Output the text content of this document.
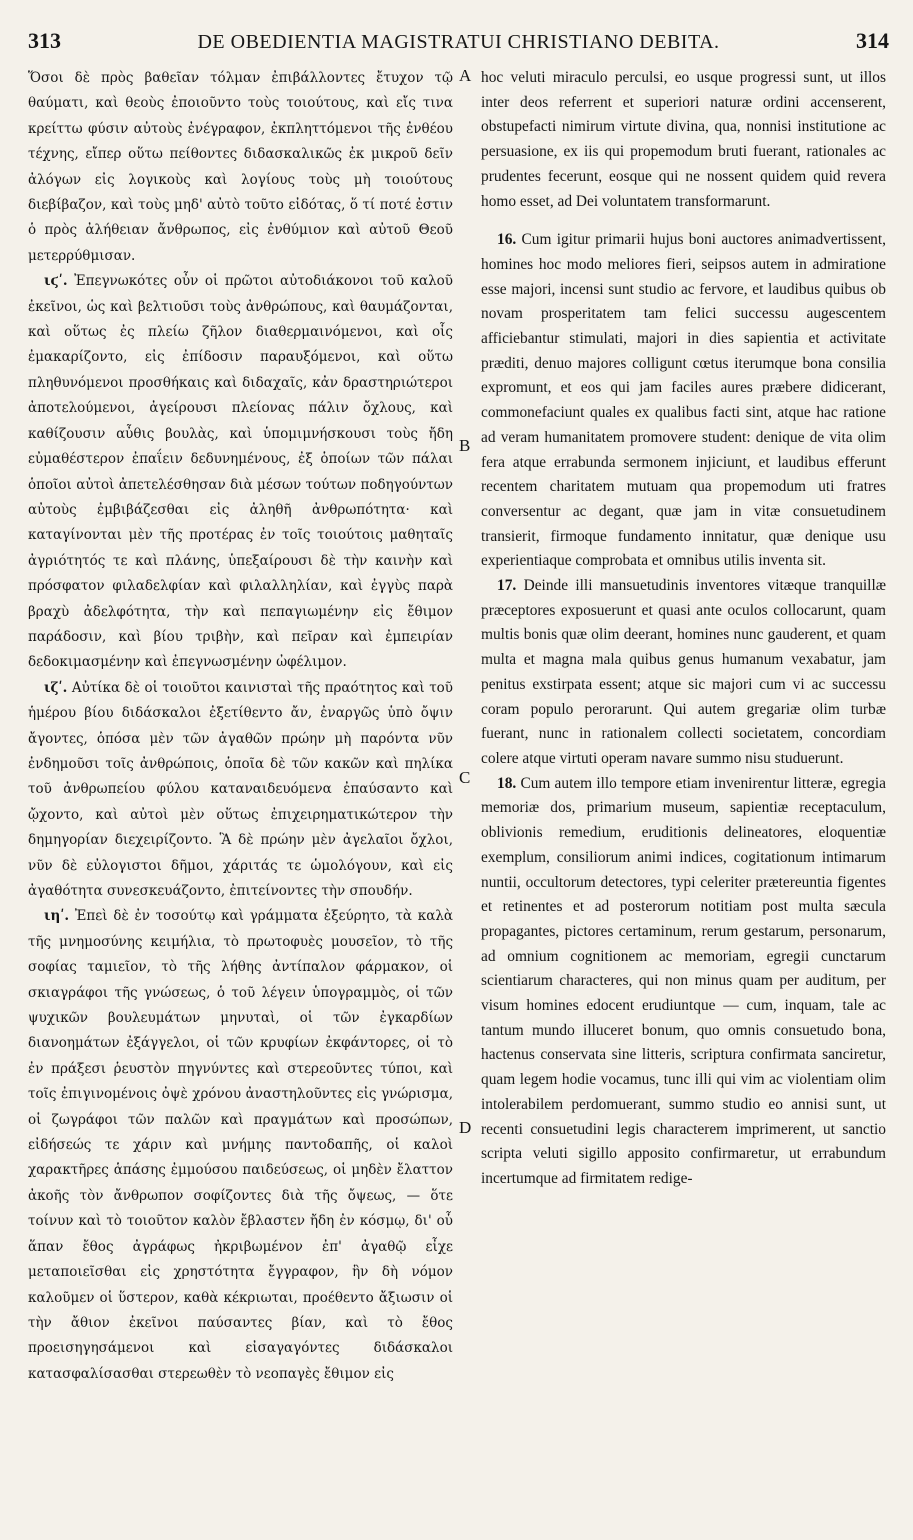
313	DE OBEDIENTIA MAGISTRATUI CHRISTIANO DEBITA.	314

Ὅσοι δὲ πρὸς βαθεῖαν τόλμαν ἐπιβάλλοντες ἔτυχον τῷ θαύματι, καὶ θεοὺς ἐποιοῦντο τοὺς τοιούτους, καὶ εἴς τινα κρείττω φύσιν αὐτοὺς ἐνέγραφον, ἐκπληττόμενοι τῆς ἐνθέου τέχνης, εἴπερ οὕτω πείθοντες διδασκαλικῶς ἐκ μικροῦ δεῖν ἀλόγων εἰς λογικοὺς καὶ λογίους τοὺς μὴ τοιούτους διεβίβαζον, καὶ τοὺς μηδ' αὐτὸ τοῦτο εἰδότας, ὅ τί ποτέ ἐστιν ὁ πρὸς ἀλήθειαν ἄνθρωπος, εἰς ἐνθύμιον καὶ αὐτοῦ Θεοῦ μετερρύθμισαν.

ιϛʹ. Ἐπεγνωκότες οὖν οἱ πρῶτοι αὐτοδιάκονοι τοῦ καλοῦ ἐκεῖνοι, ὡς καὶ βελτιοῦσι τοὺς ἀνθρώπους, καὶ θαυμάζονται, καὶ οὕτως ἐς πλείω ζῆλον διαθερμαινόμενοι, καὶ οἷς ἐμακαρίζοντο, εἰς ἐπίδοσιν παραυξόμενοι, καὶ οὕτω πληθυνόμενοι προσθήκαις καὶ διδαχαῖς, κἀν δραστηριώτεροι ἀποτελούμενοι, ἀγείρουσι πλείονας πάλιν ὄχλους, καὶ καθίζουσιν αὖθις βουλὰς, καὶ ὑπομιμνήσκουσι τοὺς ἤδη εὐμαθέστερον ἐπαΐειν δεδυνημένους, ἐξ ὁποίων τῶν πάλαι ὁποῖοι αὐτοὶ ἀπετελέσθησαν διὰ μέσων τούτων ποδηγούντων αὐτοὺς ἐμβιβάζεσθαι εἰς ἀληθῆ ἀνθρωπότητα· καὶ καταγίνονται μὲν τῆς προτέρας ἐν τοῖς τοιούτοις μαθηταῖς ἀγριότητός τε καὶ πλάνης, ὑπεξαίρουσι δὲ τὴν καινὴν καὶ πρόσφατον φιλαδελφίαν καὶ φιλαλληλίαν, καὶ ἐγγὺς παρὰ βραχὺ ἀδελφότητα, τὴν καὶ πεπαγιωμένην εἰς ἔθιμον παράδοσιν, καὶ βίου τριβὴν, καὶ πεῖραν καὶ ἐμπειρίαν δεδοκιμασμένην καὶ ἐπεγνωσμένην ὠφέλιμον.

ιζʹ. Αὐτίκα δὲ οἱ τοιοῦτοι καινισταὶ τῆς πραότητος καὶ τοῦ ἡμέρου βίου διδάσκαλοι ἐξετίθεντο ἄν, ἐναργῶς ὑπὸ ὄψιν ἄγοντες, ὁπόσα μὲν τῶν ἀγαθῶν πρώην μὴ παρόντα νῦν ἐνδημοῦσι τοῖς ἀνθρώποις, ὁποῖα δὲ τῶν κακῶν καὶ πηλίκα τοῦ ἀνθρωπείου φύλου καταναιδευόμενα ἐπαύσαντο καὶ ᾤχοντο, καὶ αὐτοὶ μὲν οὕτως ἐπιχειρηματικώτερον τὴν δημηγορίαν διεχειρίζοντο. Ἃ δὲ πρώην μὲν ἀγελαῖοι ὄχλοι, νῦν δὲ εὐλογιστοι δῆμοι, χάριτάς τε ὡμολόγουν, καὶ εἰς ἀγαθότητα συνεσκευάζοντο, ἐπιτείνοντες τὴν σπουδήν.

ιηʹ. Ἐπεὶ δὲ ἐν τοσούτῳ καὶ γράμματα ἐξεύρητο, τὰ καλὰ τῆς μνημοσύνης κειμήλια, τὸ πρωτοφυὲς μουσεῖον, τὸ τῆς σοφίας ταμιεῖον, τὸ τῆς λήθης ἀντίπαλον φάρμακον, οἱ σκιαγράφοι τῆς γνώσεως, ὁ τοῦ λέγειν ὑπογραμμὸς, οἱ τῶν ψυχικῶν βουλευμάτων μηνυταὶ, οἱ τῶν ἐγκαρδίων διανοημάτων ἐξάγγελοι, οἱ τῶν κρυφίων ἐκφάντορες, οἱ τὸ ἐν πράξεσι ῥευστὸν πηγνύντες καὶ στερεοῦντες τύποι, καὶ τοῖς ἐπιγινομένοις ὀψὲ χρόνου ἀναστηλοῦντες εἰς γνώρισμα, οἱ ζωγράφοι τῶν παλῶν καὶ πραγμάτων καὶ προσώπων, εἰδήσεώς τε χάριν καὶ μνήμης παντοδαπῆς, οἱ καλοὶ χαρακτῆρες ἁπάσης ἐμμούσου παιδεύσεως, οἱ μηδὲν ἔλαττον ἀκοῆς τὸν ἄνθρωπον σοφίζοντες διὰ τῆς ὄψεως, — ὅτε τοίνυν καὶ τὸ τοιοῦτον καλὸν ἔβλαστεν ἤδη ἐν κόσμῳ, δι' οὗ ἅπαν ἔθος ἀγράφως ἠκριβωμένον ἐπ' ἀγαθῷ εἶχε μεταποιεῖσθαι εἰς χρηστότητα ἔγγραφον, ἣν δὴ νόμον καλοῦμεν οἱ ὕστερον, καθὰ κέκριωται, προέθεντο ἄξιωσιν οἱ τὴν ἄθιον ἐκεῖνοι παύσαντες βίαν, καὶ τὸ ἔθος προεισηγησάμενοι καὶ εἰσαγαγόντες διδάσκαλοι κατασφαλίσασθαι στερεωθὲν τὸ νεοπαγὲς ἔθιμον εἰς

A
B
C
D

hoc veluti miraculo perculsi, eo usque progressi sunt, ut illos inter deos referrent et superiori naturæ ordini accenserent, obstupefacti nimirum virtute divina, qua, nonnisi institutione ac persuasione, ex iis qui propemodum bruti fuerant, rationales ac prudentes fecerunt, eosque qui ne nossent quidem quid revera homo esset, ad Dei voluntatem transformarunt.

16. Cum igitur primarii hujus boni auctores animadvertissent, homines hoc modo meliores fieri, seipsos autem in admiratione esse majori, incensi sunt studio ac fervore, et laudibus quibus ob novam prosperitatem tam felici successu augescentem afficiebantur stimulati, majori in dies sapientia et activitate præditi, denuo majores colligunt cœtus iterumque bona consilia expromunt, et eos qui jam faciles aures præbere didicerant, commonefaciunt quales ex qualibus facti sint, atque hac ratione ad veram humanitatem promovere student: denique de vita olim fera atque errabunda sermonem injiciunt, et laudibus efferunt recentem charitatem mutuam qua propemodum uti fratres conversentur ac degant, quæ jam in vitæ consuetudinem transierit, firmoque fundamento innitatur, quæ denique usu experientiaque comprobata et omnibus utilis inventa sit.

17. Deinde illi mansuetudinis inventores vitæque tranquillæ præceptores exposuerunt et quasi ante oculos collocarunt, quam multis bonis quæ olim deerant, homines nunc gauderent, et quam multa et magna mala quibus genus humanum vexabatur, jam penitus exstirpata essent; atque sic majori cum vi ac successu coram populo perorarunt. Qui autem gregariæ olim turbæ fuerant, nunc in rationalem collecti societatem, concordiam colere atque virtuti operam navare summo nisu studuerunt.

18. Cum autem illo tempore etiam invenirentur litteræ, egregia memoriæ dos, primarium museum, sapientiæ receptaculum, oblivionis remedium, eruditionis delineatores, eloquentiæ exemplum, consiliorum animi indices, cogitationum intimarum nuntii, occultorum detectores, typi celeriter prætereuntia figentes et retinentes et ad posterorum notitiam post multa sæcula propagantes, pictores certaminum, rerum gestarum, personarum, ad omnium cognitionem ac memoriam, egregii cunctarum scientiarum characteres, qui non minus quam per auditum, per visum homines edocent erudiuntque — cum, inquam, tale ac tantum mundo illuceret bonum, quo omnis consuetudo bona, hactenus conservata sine litteris, scriptura confirmata sanciretur, quam legem hodie vocamus, tunc illi qui vim ac violentiam olim intolerabilem perdomuerant, summo studio eo annisi sunt, ut recenti consuetudini legis characterem imprimerent, ut sanctio scripta veluti sigillo apposito confirmaretur, ut errabundum incertumque ad firmitatem redige-
